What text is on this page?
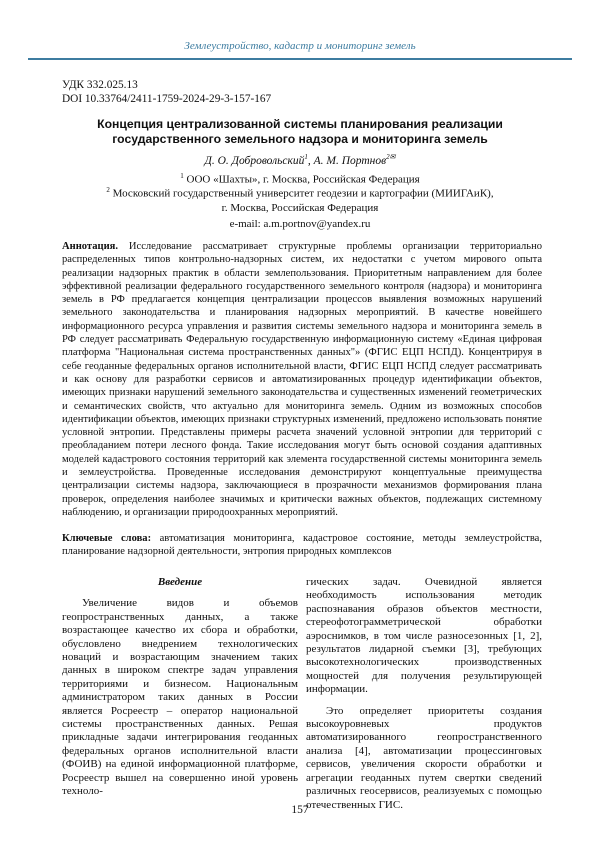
Землеустройство, кадастр и мониторинг земель
УДК 332.025.13
DOI 10.33764/2411-1759-2024-29-3-157-167
Концепция централизованной системы планирования реализации
государственного земельного надзора и мониторинга земель
Д. О. Добровольский$^1$, А. М. Портнов$^{2✉}$
$^1$ ООО «Шахты», г. Москва, Российская Федерация
$^2$ Московский государственный университет геодезии и картографии (МИИГАиК),
г. Москва, Российская Федерация
e-mail: a.m.portnov@yandex.ru
Аннотация. Исследование рассматривает структурные проблемы организации территориально распределенных типов контрольно-надзорных систем, их недостатки с учетом мирового опыта реализации надзорных практик в области землепользования. Приоритетным направлением для более эффективной реализации федерального государственного земельного контроля (надзора) и мониторинга земель в РФ предлагается концепция централизации процессов выявления возможных нарушений земельного законодательства и планирования надзорных мероприятий. В качестве новейшего информационного ресурса управления и развития системы земельного надзора и мониторинга земель в РФ следует рассматривать Федеральную государственную информационную систему «Единая цифровая платформа "Национальная система пространственных данных"» (ФГИС ЕЦП НСПД). Концентрируя в себе геоданные федеральных органов исполнительной власти, ФГИС ЕЦП НСПД следует рассматривать и как основу для разработки сервисов и автоматизированных процедур идентификации объектов, имеющих признаки нарушений земельного законодательства и существенных изменений геометрических и семантических свойств, что актуально для мониторинга земель. Одним из возможных способов идентификации объектов, имеющих признаки структурных изменений, предложено использовать понятие условной энтропии. Представлены примеры расчета значений условной энтропии для территорий с преобладанием потери лесного фонда. Такие исследования могут быть основой создания адаптивных моделей кадастрового состояния территорий как элемента государственной системы мониторинга земель и землеустройства. Проведенные исследования демонстрируют концептуальные преимущества централизации системы надзора, заключающиеся в прозрачности механизмов формирования плана проверок, определения наиболее значимых и критически важных объектов, подлежащих системному наблюдению, и организации природоохранных мероприятий.
Ключевые слова: автоматизация мониторинга, кадастровое состояние, методы землеустройства, планирование надзорной деятельности, энтропия природных комплексов
Введение

Увеличение видов и объемов геопространственных данных, а также возрастающее качество их сбора и обработки, обусловлено внедрением технологических новаций и возрастающим значением таких данных в широком спектре задач управления территориями и бизнесом. Национальным администратором таких данных в России является Росреестр – оператор национальной системы пространственных данных. Решая прикладные задачи интегрирования геоданных федеральных органов исполнительной власти (ФОИВ) на единой информационной платформе, Росреестр вышел на совершенно иной уровень техноло-

гических задач. Очевидной является необходимость использования методик распознавания образов объектов местности, стереофотограмметрической обработки аэроснимков, в том числе разносезонных [1, 2], результатов лидарной съемки [3], требующих высокотехнологических производственных мощностей для получения результирующей информации.

Это определяет приоритеты создания высокоуровневых продуктов автоматизированного геопространственного анализа [4], автоматизации процессинговых сервисов, увеличения скорости обработки и агрегации геоданных путем свертки сведений различных геосервисов, реализуемых с помощью отечественных ГИС.

157
